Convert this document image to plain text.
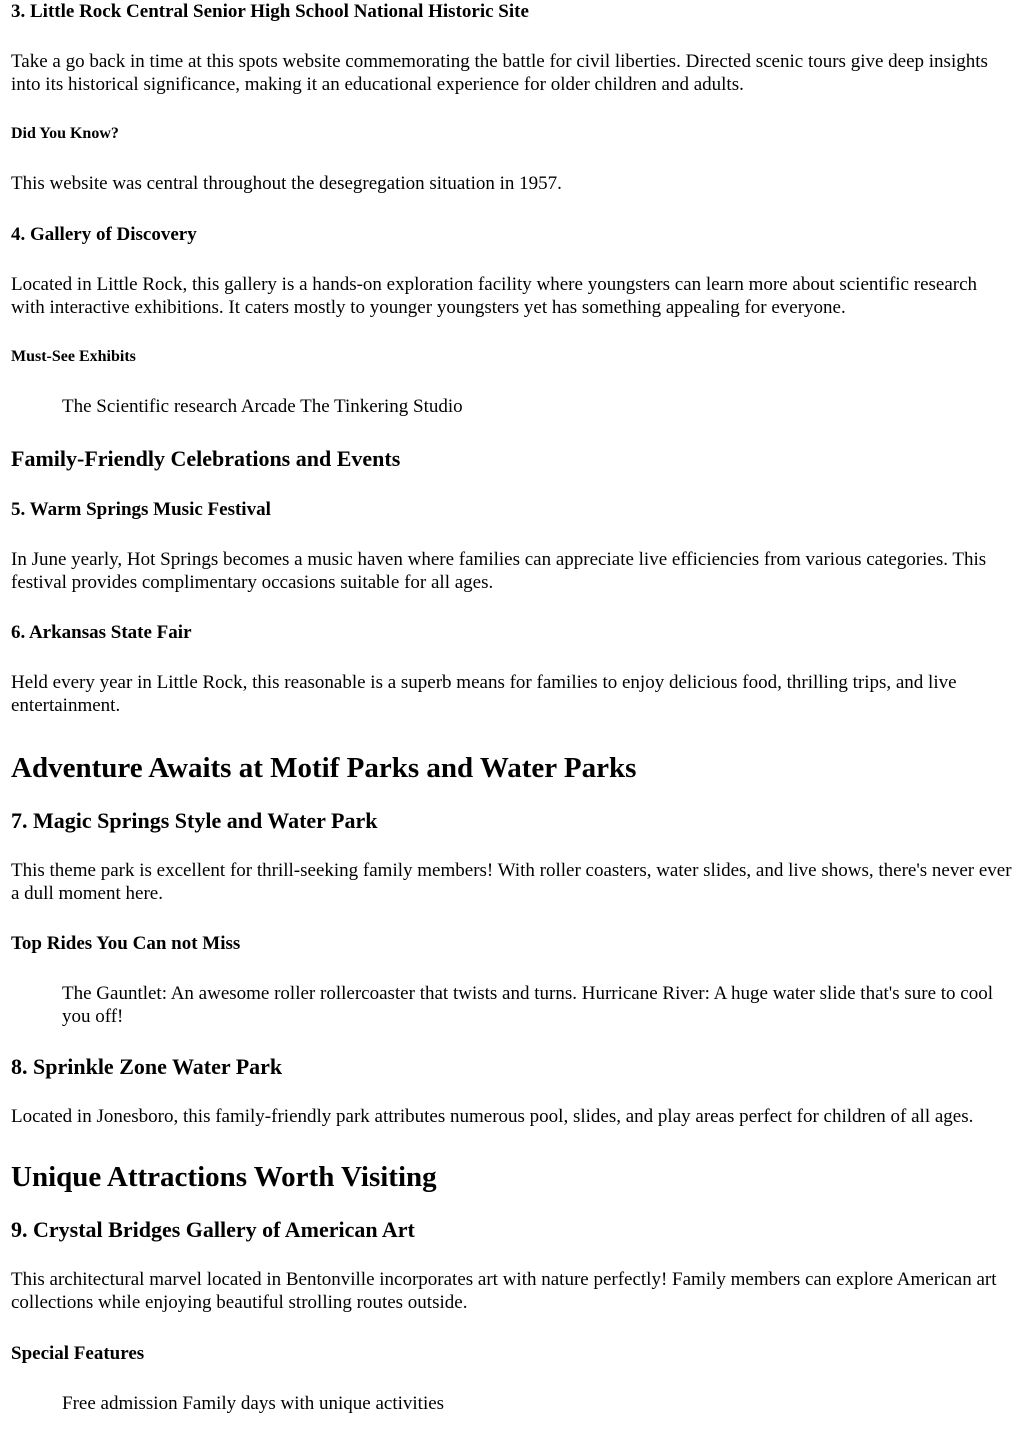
3. Little Rock Central Senior High School National Historic Site

Take a go back in time at this spots website commemorating the battle for civil liberties. Directed scenic tours give deep insights into its historical significance, making it an educational experience for older children and adults.

Did You Know?

This website was central throughout the desegregation situation in 1957.

4. Gallery of Discovery

Located in Little Rock, this gallery is a hands-on exploration facility where youngsters can learn more about scientific research with interactive exhibitions. It caters mostly to younger youngsters yet has something appealing for everyone.

Must-See Exhibits
The Scientific research Arcade The Tinkering Studio
Family-Friendly Celebrations and Events
5. Warm Springs Music Festival

In June yearly, Hot Springs becomes a music haven where families can appreciate live efficiencies from various categories. This festival provides complimentary occasions suitable for all ages.

6. Arkansas State Fair

Held every year in Little Rock, this reasonable is a superb means for families to enjoy delicious food, thrilling trips, and live entertainment.

Adventure Awaits at Motif Parks and Water Parks
7. Magic Springs Style and Water Park

This theme park is excellent for thrill-seeking family members! With roller coasters, water slides, and live shows, there's never ever a dull moment here.

Top Rides You Can not Miss
The Gauntlet: An awesome roller rollercoaster that twists and turns. Hurricane River: A huge water slide that's sure to cool you off!
8. Sprinkle Zone Water Park

Located in Jonesboro, this family-friendly park attributes numerous pool, slides, and play areas perfect for children of all ages.

Unique Attractions Worth Visiting
9. Crystal Bridges Gallery of American Art

This architectural marvel located in Bentonville incorporates art with nature perfectly! Family members can explore American art collections while enjoying beautiful strolling routes outside.

Special Features
Free admission Family days with unique activities
